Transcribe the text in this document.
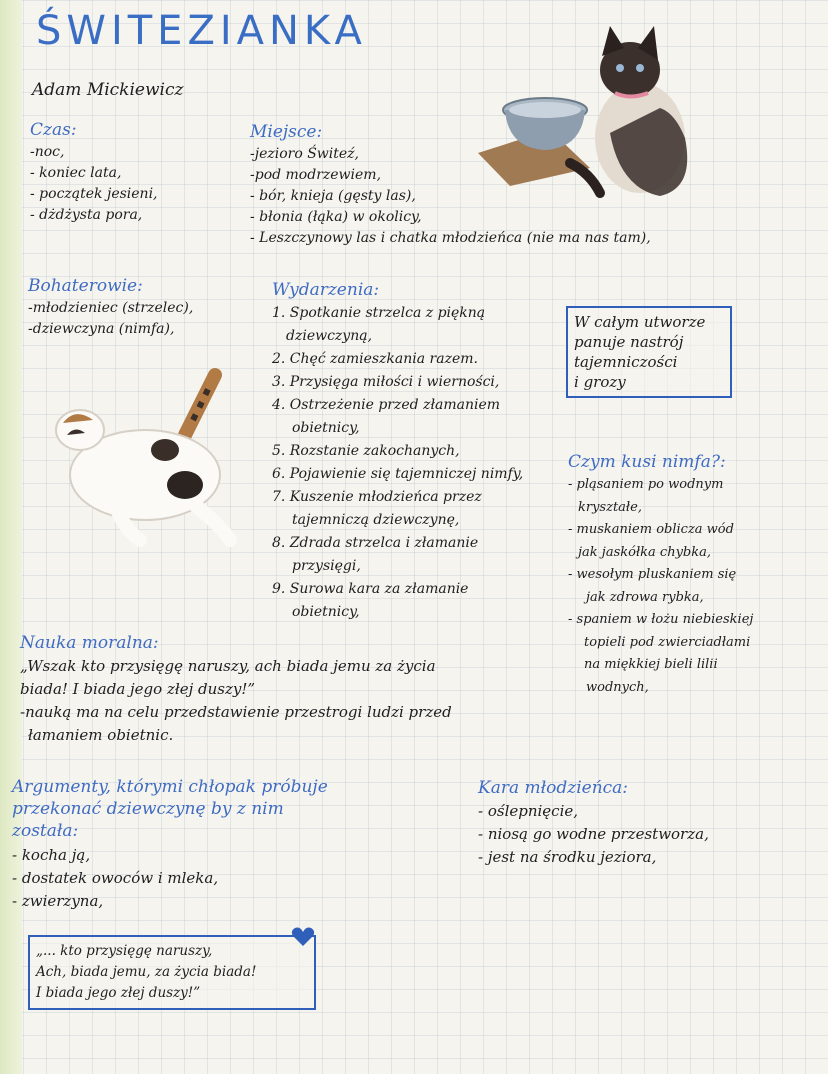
ŚWITEZIANKA
Adam Mickiewicz
Czas:
-noc,
- koniec lata,
- początek jesieni,
- dżdżysta pora,
Miejsce:
-jezioro Świteź,
-pod modrzewiem,
- bór, knieja (gęsty las),
- błonia (łąka) w okolicy,
- Leszczynowy las i chatka młodzieńca (nie ma nas tam),
Bohaterowie:
-młodzieniec (strzelec),
-dziewczyna (nimfa),
Wydarzenia:
1. Spotkanie strzelca z piękną
dziewczyną,
2. Chęć zamieszkania razem.
3. Przysięga miłości i wierności,
4. Ostrzeżenie przed złamaniem
obietnicy,
5. Rozstanie zakochanych,
6. Pojawienie się tajemniczej nimfy,
7. Kuszenie młodzieńca przez
tajemniczą dziewczynę,
8. Zdrada strzelca i złamanie
przysięgi,
9. Surowa kara za złamanie
obietnicy,
W całym utworze
panuje nastrój
tajemniczości
i grozy
Czym kusi nimfa?:
- pląsaniem po wodnym
kryształe,
- muskaniem oblicza wód
jak jaskółka chybka,
- wesołym pluskaniem się
jak zdrowa rybka,
- spaniem w łożu niebieskiej
topieli pod zwierciadłami
na miękkiej bieli lilii
wodnych,
Nauka moralna:
„Wszak kto przysięgę naruszy, ach biada jemu za życia
biada! I biada jego złej duszy!”
-nauką ma na celu przedstawienie przestrogi ludzi przed
łamaniem obietnic.
Argumenty, którymi chłopak próbuje
przekonać dziewczynę by z nim
została:
- kocha ją,
- dostatek owoców i mleka,
- zwierzyna,
Kara młodzieńca:
- oślepnięcie,
- niosą go wodne przestworza,
- jest na środku jeziora,
„... kto przysięgę naruszy,
Ach, biada jemu, za życia biada!
I biada jego złej duszy!”
